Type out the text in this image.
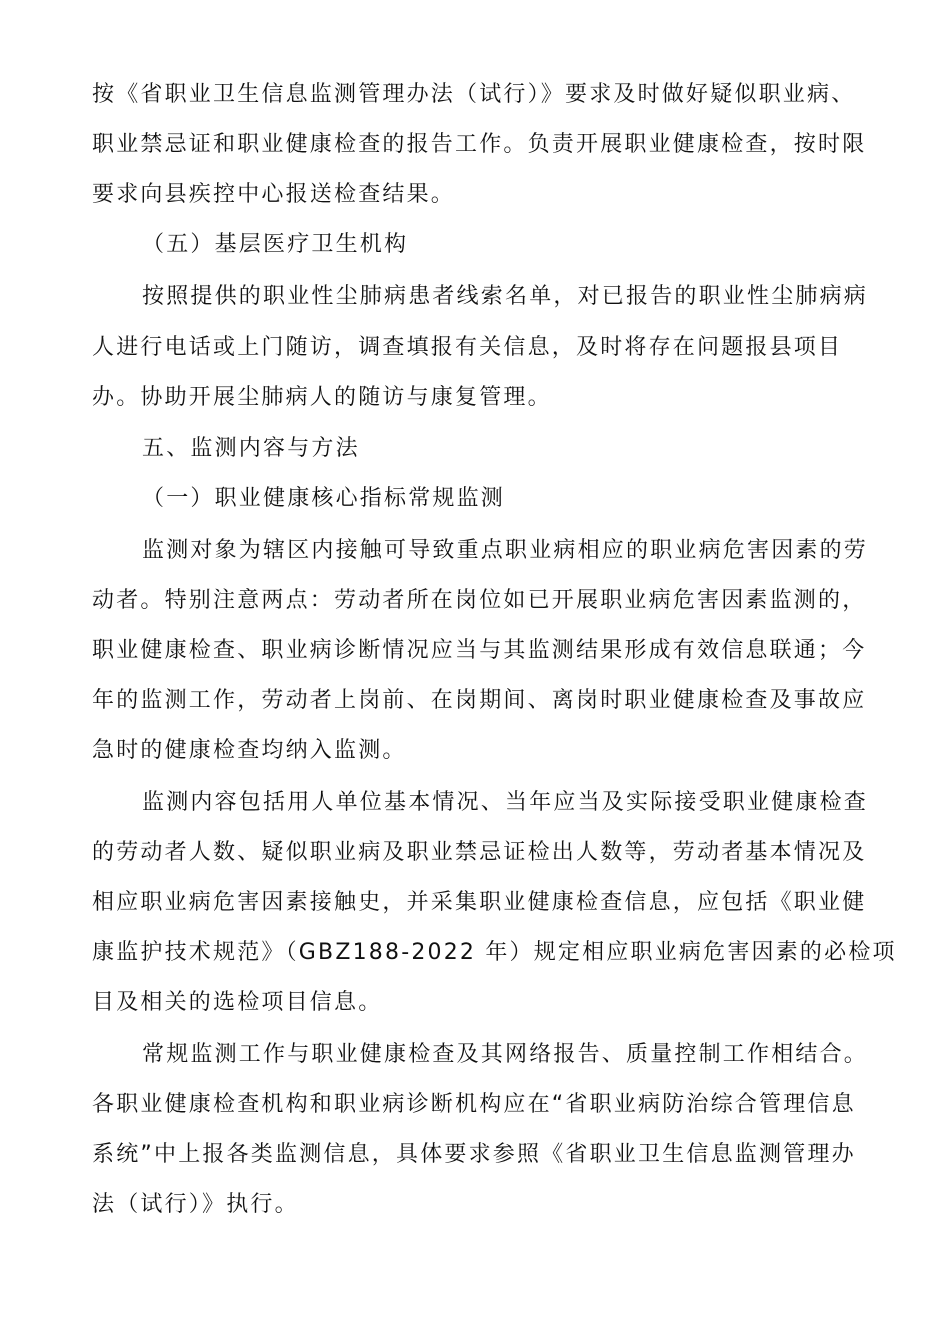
按《省职业卫生信息监测管理办法（试行）》要求及时做好疑似职业病、
职业禁忌证和职业健康检查的报告工作。负责开展职业健康检查，按时限
要求向县疾控中心报送检查结果。
（五）基层医疗卫生机构
按照提供的职业性尘肺病患者线索名单，对已报告的职业性尘肺病病
人进行电话或上门随访，调查填报有关信息，及时将存在问题报县项目
办。协助开展尘肺病人的随访与康复管理。
五、监测内容与方法
（一）职业健康核心指标常规监测
监测对象为辖区内接触可导致重点职业病相应的职业病危害因素的劳
动者。特别注意两点：劳动者所在岗位如已开展职业病危害因素监测的，
职业健康检查、职业病诊断情况应当与其监测结果形成有效信息联通；今
年的监测工作，劳动者上岗前、在岗期间、离岗时职业健康检查及事故应
急时的健康检查均纳入监测。
监测内容包括用人单位基本情况、当年应当及实际接受职业健康检查
的劳动者人数、疑似职业病及职业禁忌证检出人数等，劳动者基本情况及
相应职业病危害因素接触史，并采集职业健康检查信息，应包括《职业健
康监护技术规范》（GBZ188-2022 年）规定相应职业病危害因素的必检项
目及相关的选检项目信息。
常规监测工作与职业健康检查及其网络报告、质量控制工作相结合。
各职业健康检查机构和职业病诊断机构应在“省职业病防治综合管理信息
系统”中上报各类监测信息，具体要求参照《省职业卫生信息监测管理办
法（试行）》执行。
